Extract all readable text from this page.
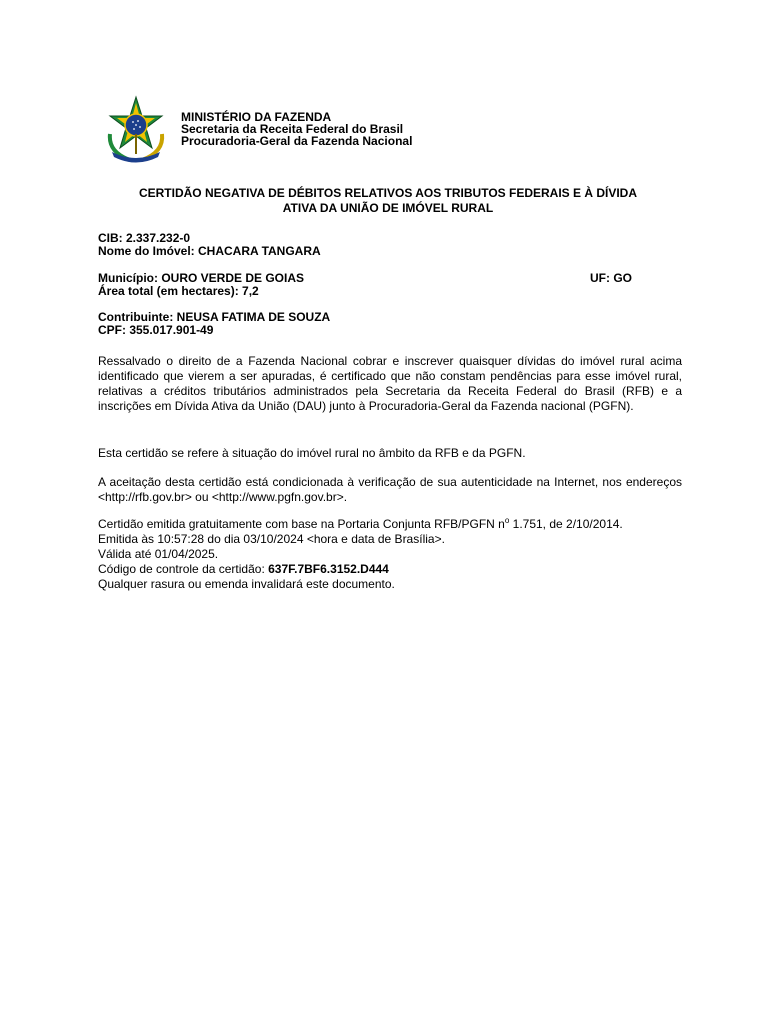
MINISTÉRIO DA FAZENDA
Secretaria da Receita Federal do Brasil
Procuradoria-Geral da Fazenda Nacional
CERTIDÃO NEGATIVA DE DÉBITOS RELATIVOS AOS TRIBUTOS FEDERAIS E À DÍVIDA
ATIVA DA UNIÃO DE IMÓVEL RURAL
CIB: 2.337.232-0
Nome do Imóvel: CHACARA TANGARA
Município: OURO VERDE DE GOIAS
Área total (em hectares): 7,2
UF: GO
Contribuinte: NEUSA FATIMA DE SOUZA
CPF: 355.017.901-49
Ressalvado o direito de a Fazenda Nacional cobrar e inscrever quaisquer dívidas do imóvel rural acima identificado que vierem a ser apuradas, é certificado que não constam pendências para esse imóvel rural, relativas a créditos tributários administrados pela Secretaria da Receita Federal do Brasil (RFB) e a inscrições em Dívida Ativa da União (DAU) junto à Procuradoria-Geral da Fazenda nacional (PGFN).
Esta certidão se refere à situação do imóvel rural no âmbito da RFB e da PGFN.
A aceitação desta certidão está condicionada à verificação de sua autenticidade na Internet, nos endereços <http://rfb.gov.br> ou <http://www.pgfn.gov.br>.
Certidão emitida gratuitamente com base na Portaria Conjunta RFB/PGFN $n^o$ 1.751, de 2/10/2014.
Emitida às 10:57:28 do dia 03/10/2024 <hora e data de Brasília>.
Válida até 01/04/2025.
Código de controle da certidão: 637F.7BF6.3152.D444
Qualquer rasura ou emenda invalidará este documento.
